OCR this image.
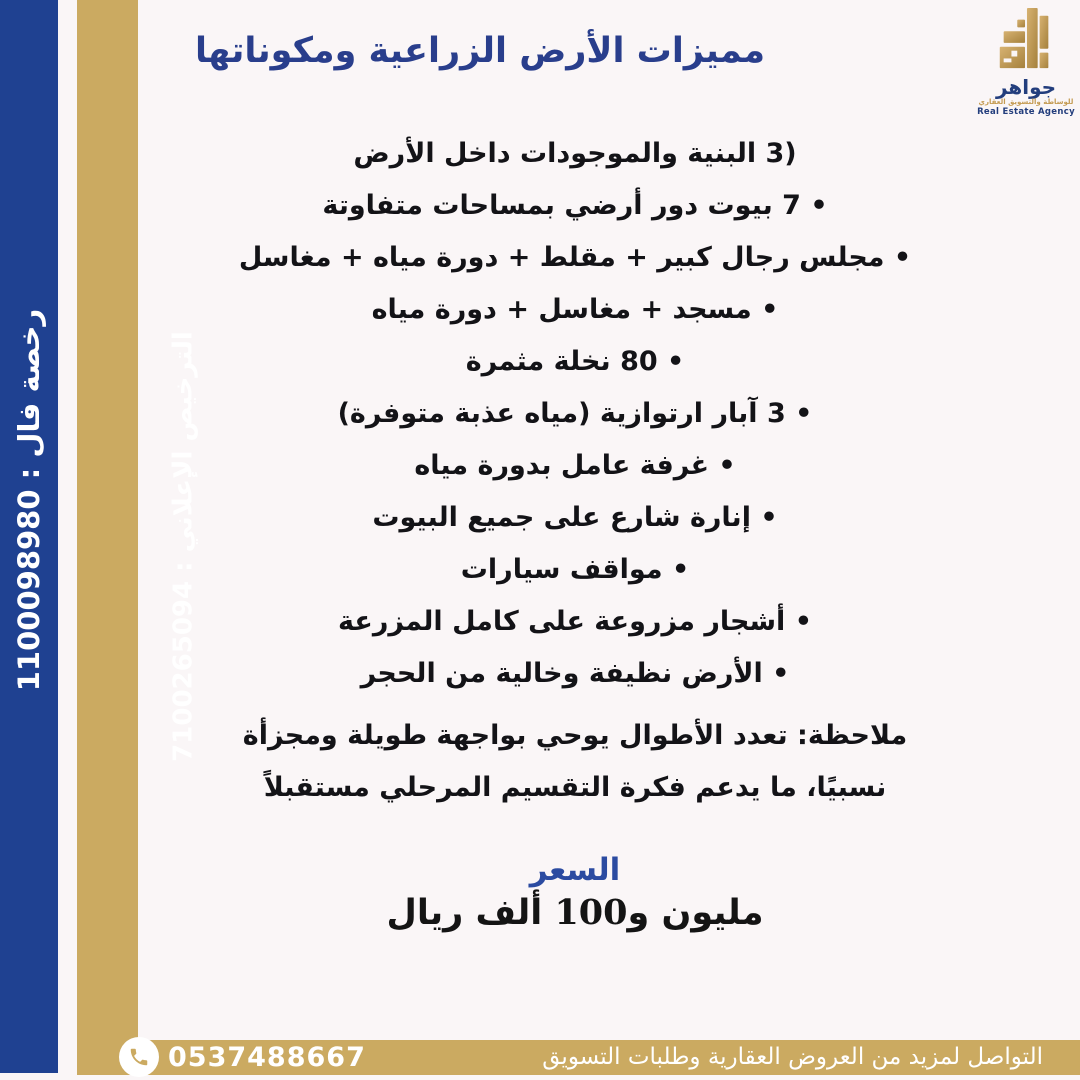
رخصة فال : 1100098980
الترخيص الإعلاني : 7100265094
مميزات الأرض الزراعية ومكوناتها
جواهر
للوساطة والتسويق العقاري
Real Estate Agency
‪3)‬ البنية والموجودات داخل الأرض
• 7 بيوت دور أرضي بمساحات متفاوتة
• مجلس رجال كبير + مقلط + دورة مياه + مغاسل
• مسجد + مغاسل + دورة مياه
• 80 نخلة مثمرة
• 3 آبار ارتوازية (مياه عذبة متوفرة)
• غرفة عامل بدورة مياه
• إنارة شارع على جميع البيوت
• مواقف سيارات
• أشجار مزروعة على كامل المزرعة
• الأرض نظيفة وخالية من الحجر
ملاحظة: تعدد الأطوال يوحي بواجهة طويلة ومجزأة
نسبيًا، ما يدعم فكرة التقسيم المرحلي مستقبلاً
السعر
مليون و100 ألف ريال
التواصل لمزيد من العروض العقارية وطلبات التسويق
0537488667
